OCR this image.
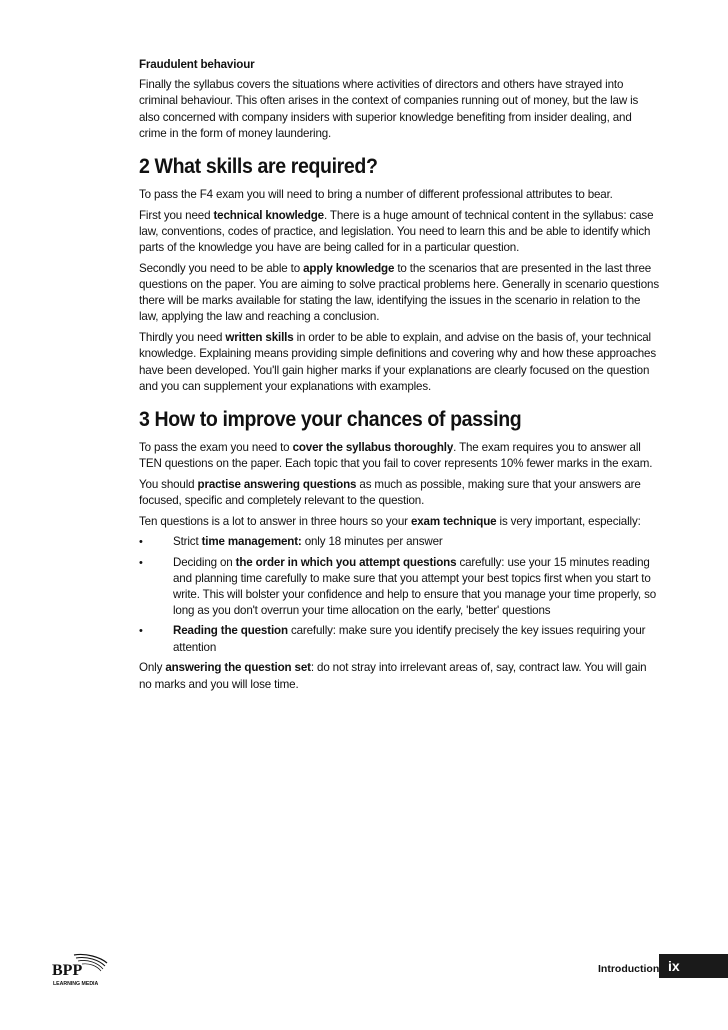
Fraudulent behaviour

Finally the syllabus covers the situations where activities of directors and others have strayed into criminal behaviour. This often arises in the context of companies running out of money, but the law is also concerned with company insiders with superior knowledge benefiting from insider dealing, and crime in the form of money laundering.

2 What skills are required?

To pass the F4 exam you will need to bring a number of different professional attributes to bear.

First you need technical knowledge. There is a huge amount of technical content in the syllabus: case law, conventions, codes of practice, and legislation. You need to learn this and be able to identify which parts of the knowledge you have are being called for in a particular question.

Secondly you need to be able to apply knowledge to the scenarios that are presented in the last three questions on the paper. You are aiming to solve practical problems here. Generally in scenario questions there will be marks available for stating the law, identifying the issues in the scenario in relation to the law, applying the law and reaching a conclusion.

Thirdly you need written skills in order to be able to explain, and advise on the basis of, your technical knowledge. Explaining means providing simple definitions and covering why and how these approaches have been developed. You'll gain higher marks if your explanations are clearly focused on the question and you can supplement your explanations with examples.

3 How to improve your chances of passing

To pass the exam you need to cover the syllabus thoroughly. The exam requires you to answer all TEN questions on the paper. Each topic that you fail to cover represents 10% fewer marks in the exam.

You should practise answering questions as much as possible, making sure that your answers are focused, specific and completely relevant to the question.

Ten questions is a lot to answer in three hours so your exam technique is very important, especially:

•	Strict time management: only 18 minutes per answer
•	Deciding on the order in which you attempt questions carefully: use your 15 minutes reading and planning time carefully to make sure that you attempt your best topics first when you start to write. This will bolster your confidence and help to ensure that you manage your time properly, so long as you don't overrun your time allocation on the early, 'better' questions
•	Reading the question carefully: make sure you identify precisely the key issues requiring your attention

Only answering the question set: do not stray into irrelevant areas of, say, contract law. You will gain no marks and you will lose time.

BPP
LEARNING MEDIA
Introduction ix
